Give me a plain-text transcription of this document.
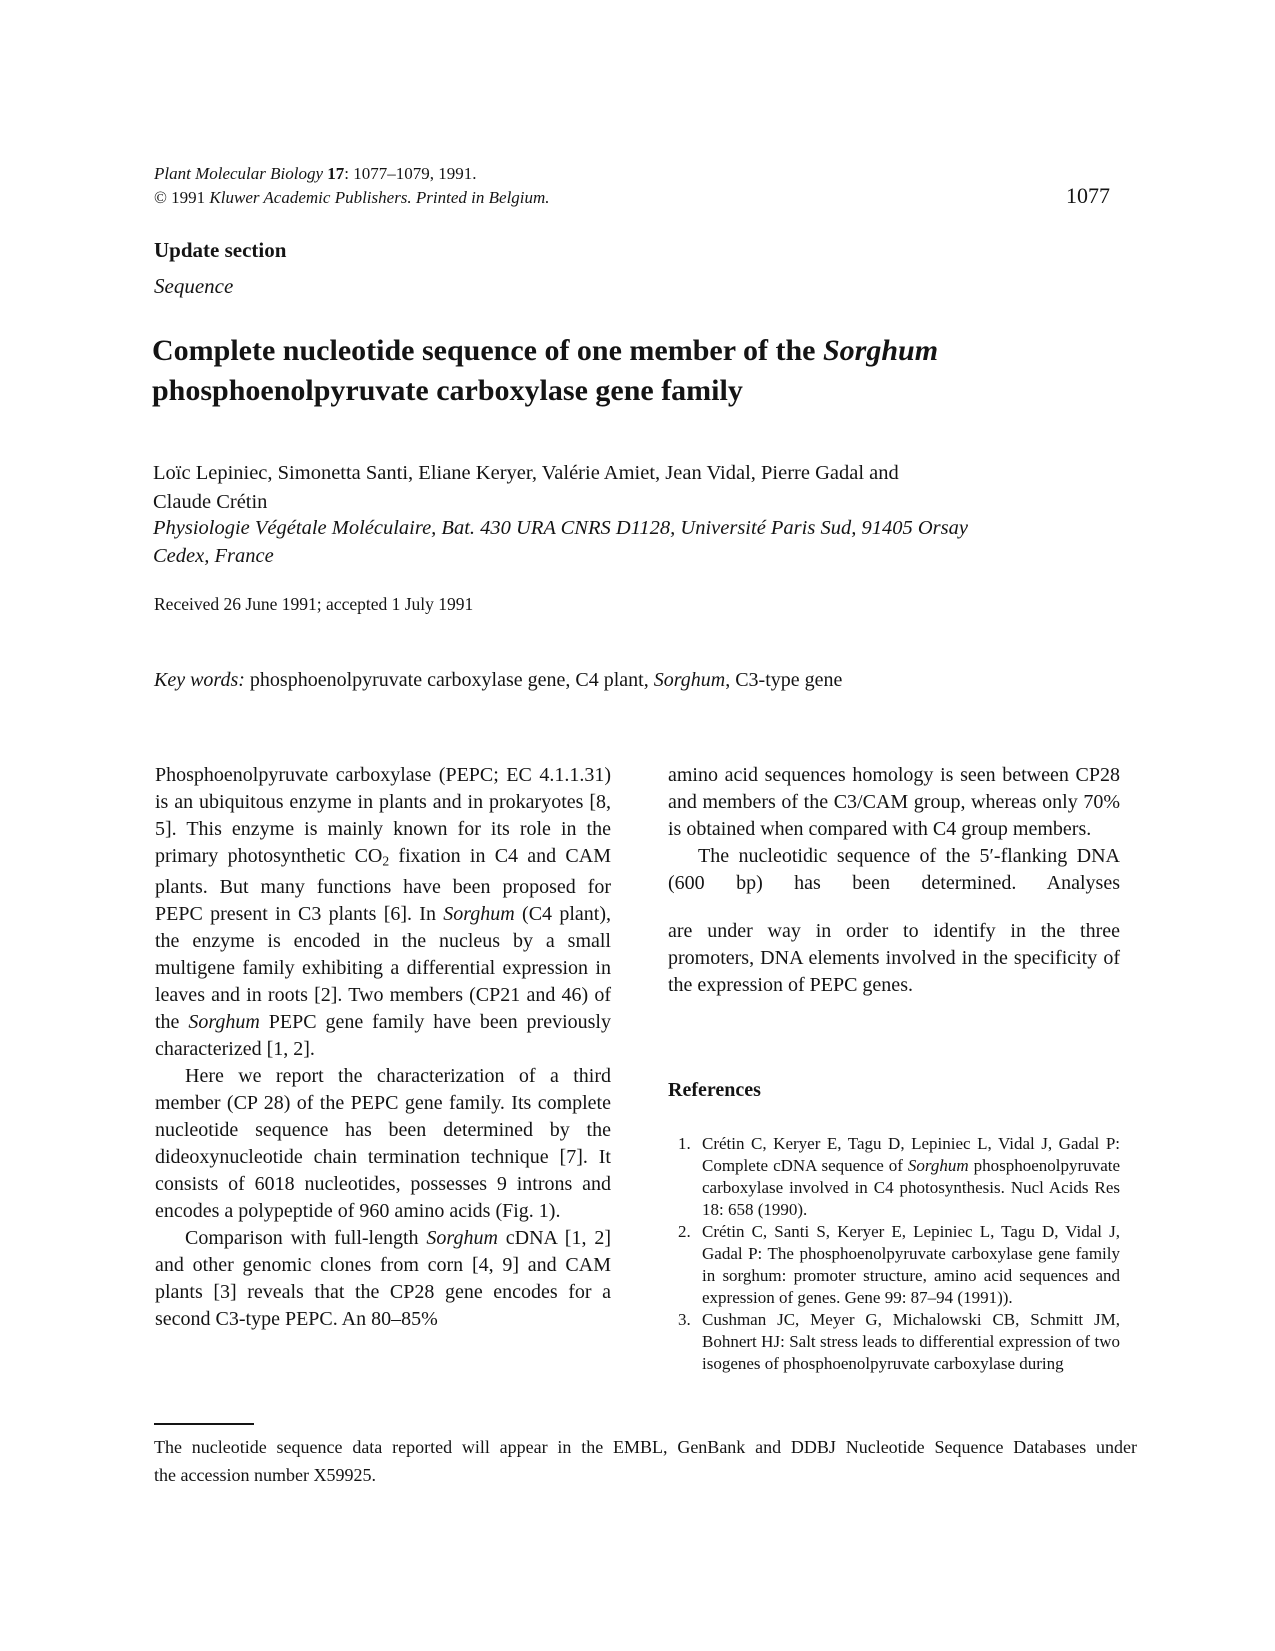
Plant Molecular Biology 17: 1077–1079, 1991.

© 1991 Kluwer Academic Publishers. Printed in Belgium.	1077
Update section
Sequence

Complete nucleotide sequence of one member of the Sorghum

phosphoenolpyruvate carboxylase gene family

Loïc Lepiniec, Simonetta Santi, Eliane Keryer, Valérie Amiet, Jean Vidal, Pierre Gadal and

Claude Crétin

Physiologie Végétale Moléculaire, Bat. 430 URA CNRS D1128, Université Paris Sud, 91405 Orsay

Cedex, France

Received 26 June 1991; accepted 1 July 1991
Key words: phosphoenolpyruvate carboxylase gene, C4 plant, Sorghum, C3-type gene

Phosphoenolpyruvate carboxylase (PEPC; EC 4.1.1.31) is an ubiquitous enzyme in plants and in prokaryotes [8, 5]. This enzyme is mainly known for its role in the primary photosynthetic $CO_2$ fixation in C4 and CAM plants. But many functions have been proposed for PEPC present in C3 plants [6]. In Sorghum (C4 plant), the enzyme is encoded in the nucleus by a small multigene family exhibiting a differential expression in leaves and in roots [2]. Two members (CP21 and 46) of the Sorghum PEPC gene family have been previously characterized [1, 2].

Here we report the characterization of a third member (CP 28) of the PEPC gene family. Its complete nucleotide sequence has been determined by the dideoxynucleotide chain termination technique [7]. It consists of 6018 nucleotides, possesses 9 introns and encodes a polypeptide of 960 amino acids (Fig. 1).

Comparison with full-length Sorghum cDNA [1, 2] and other genomic clones from corn [4, 9] and CAM plants [3] reveals that the CP28 gene encodes for a second C3-type PEPC. An 80–85%

amino acid sequences homology is seen between CP28 and members of the C3/CAM group, whereas only 70% is obtained when compared with C4 group members.

The nucleotidic sequence of the 5′-flanking DNA (600 bp) has been determined. Analyses

are under way in order to identify in the three promoters, DNA elements involved in the specificity of the expression of PEPC genes.

References

1. Crétin C, Keryer E, Tagu D, Lepiniec L, Vidal J, Gadal P: Complete cDNA sequence of Sorghum phosphoenolpyruvate carboxylase involved in C4 photosynthesis. Nucl Acids Res 18: 658 (1990).

2. Crétin C, Santi S, Keryer E, Lepiniec L, Tagu D, Vidal J, Gadal P: The phosphoenolpyruvate carboxylase gene family in sorghum: promoter structure, amino acid sequences and expression of genes. Gene 99: 87–94 (1991)).

3. Cushman JC, Meyer G, Michalowski CB, Schmitt JM, Bohnert HJ: Salt stress leads to differential expression of two isogenes of phosphoenolpyruvate carboxylase during

The nucleotide sequence data reported will appear in the EMBL, GenBank and DDBJ Nucleotide Sequence Databases under

the accession number X59925.
